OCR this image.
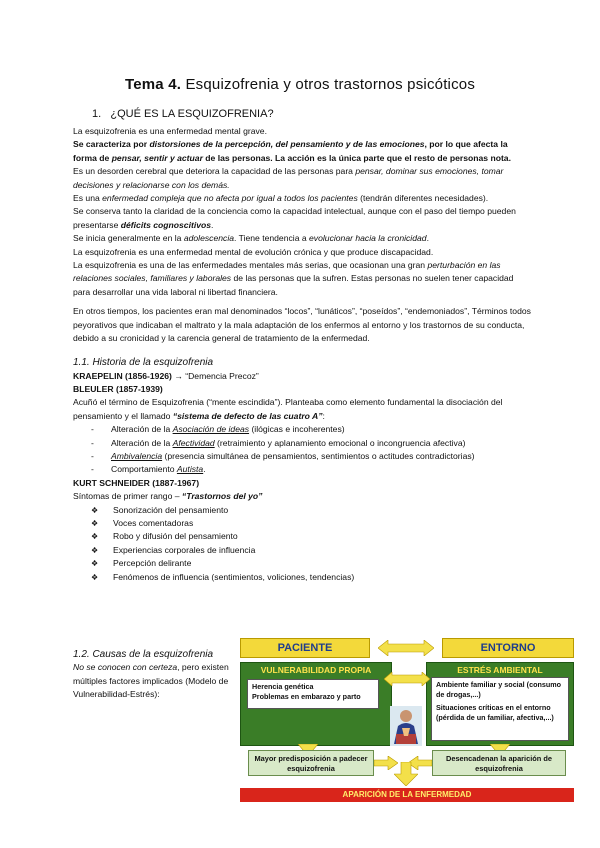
Tema 4. Esquizofrenia y otros trastornos psicóticos
1. ¿QUÉ ES LA ESQUIZOFRENIA?

La esquizofrenia es una enfermedad mental grave.

Se caracteriza por distorsiones de la percepción, del pensamiento y de las emociones, por lo que afecta la forma de pensar, sentir y actuar de las personas. La acción es la única parte que el resto de personas nota.

Es un desorden cerebral que deteriora la capacidad de las personas para pensar, dominar sus emociones, tomar decisiones y relacionarse con los demás.

Es una enfermedad compleja que no afecta por igual a todos los pacientes (tendrán diferentes necesidades).

Se conserva tanto la claridad de la conciencia como la capacidad intelectual, aunque con el paso del tiempo pueden presentarse déficits cognoscitivos.

Se inicia generalmente en la adolescencia. Tiene tendencia a evolucionar hacia la cronicidad.

La esquizofrenia es una enfermedad mental de evolución crónica y que produce discapacidad.

La esquizofrenia es una de las enfermedades mentales más serias, que ocasionan una gran perturbación en las relaciones sociales, familiares y laborales de las personas que la sufren. Estas personas no suelen tener capacidad para desarrollar una vida laboral ni libertad financiera.

En otros tiempos, los pacientes eran mal denominados “locos”, “lunáticos”, “poseídos”, “endemoniados”, Términos todos peyorativos que indicaban el maltrato y la mala adaptación de los enfermos al entorno y los trastornos de su conducta, debido a su cronicidad y la carencia general de tratamiento de la enfermedad.

1.1. Historia de la esquizofrenia

KRAEPELIN (1856-1926) → “Demencia Precoz”

BLEULER (1857-1939)

Acuñó el término de Esquizofrenia (“mente escindida”). Planteaba como elemento fundamental la disociación del pensamiento y el llamado “sistema de defecto de las cuatro A”:

- Alteración de la Asociación de ideas (ilógicas e incoherentes)
- Alteración de la Afectividad (retraimiento y aplanamiento emocional o incongruencia afectiva)
- Ambivalencia (presencia simultánea de pensamientos, sentimientos o actitudes contradictorias)
- Comportamiento Autista.

KURT SCHNEIDER (1887-1967)

Síntomas de primer rango – “Trastornos del yo”

❖ Sonorización del pensamiento
❖ Voces comentadoras
❖ Robo y difusión del pensamiento
❖ Experiencias corporales de influencia
❖ Percepción delirante
❖ Fenómenos de influencia (sentimientos, voliciones, tendencias)
1.2. Causas de la esquizofrenia

No se conocen con certeza, pero existen múltiples factores implicados (Modelo de Vulnerabilidad-Estrés):

PACIENTE	ENTORNO
VULNERABILIDAD PROPIA
Herencia genética
Problemas en embarazo y parto
ESTRÉS AMBIENTAL
Ambiente familiar y social (consumo de drogas,...)
Situaciones críticas en el entorno (pérdida de un familiar, afectiva,...)
Mayor predisposición a padecer esquizofrenia
Desencadenan la aparición de esquizofrenia
APARICIÓN DE LA ENFERMEDAD
